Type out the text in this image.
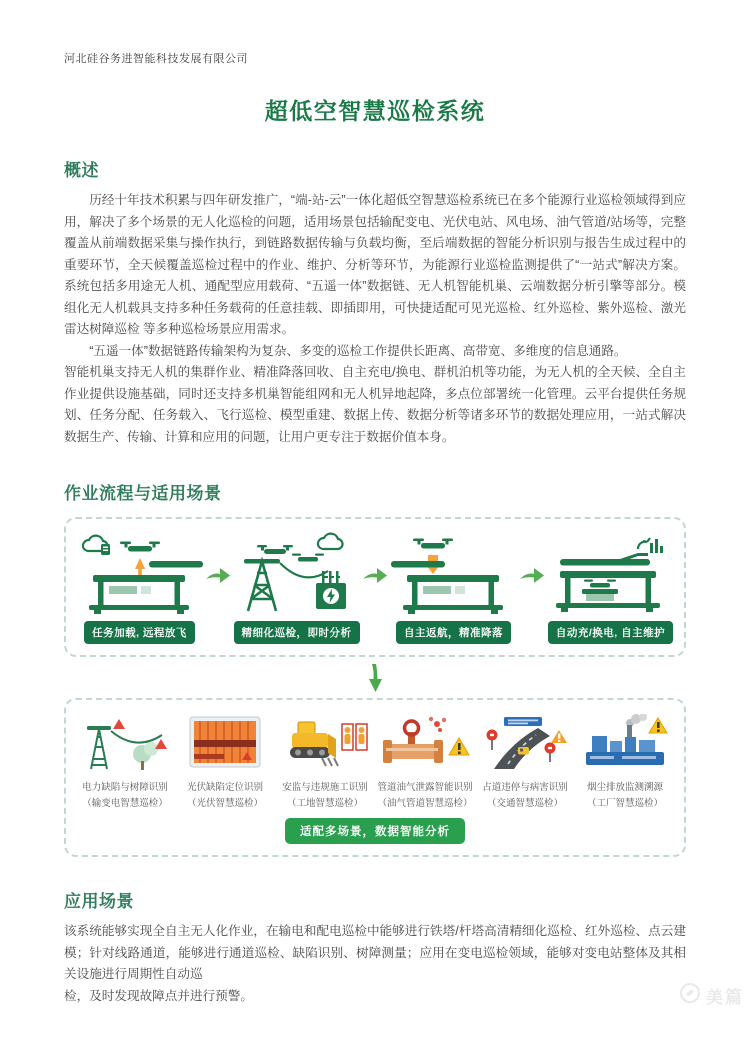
河北硅谷务进智能科技发展有限公司
超低空智慧巡检系统
概述

历经十年技术积累与四年研发推广，“端-站-云”一体化超低空智慧巡检系统已在多个能源行业巡检领域得到应用，解决了多个场景的无人化巡检的问题，适用场景包括输配变电、光伏电站、风电场、油气管道/站场等，完整覆盖从前端数据采集与操作执行，到链路数据传输与负载均衡，至后端数据的智能分析识别与报告生成过程中的重要环节，全天候覆盖巡检过程中的作业、维护、分析等环节，为能源行业巡检监测提供了“一站式”解决方案。系统包括多用途无人机、通配型应用载荷、“五遥一体”数据链、无人机智能机巢、云端数据分析引擎等部分。模组化无人机载具支持多种任务载荷的任意挂载、即插即用，可快捷适配可见光巡检、红外巡检、紫外巡检、激光雷达树障巡检 等多种巡检场景应用需求。

“五遥一体”数据链路传输架构为复杂、多变的巡检工作提供长距离、高带宽、多维度的信息通路。

智能机巢支持无人机的集群作业、精准降落回收、自主充电/换电、群机泊机等功能，为无人机的全天候、全自主作业提供设施基础，同时还支持多机巢智能组网和无人机异地起降，多点位部署统一化管理。云平台提供任务规划、任务分配、任务载入、飞行巡检、模型重建、数据上传、数据分析等诸多环节的数据处理应用，一站式解决数据生产、传输、计算和应用的问题，让用户更专注于数据价值本身。

作业流程与适用场景
任务加载, 远程放飞	精细化巡检，即时分析	自主返航，精准降落	自动充/换电, 自主维护
电力缺陷与树障识别
（输变电智慧巡检）
光伏缺陷定位识别
（光伏智慧巡检）
安监与违规施工识别
（工地智慧巡检）
管道油气泄露智能识别
（油气管道智慧巡检）
占道违停与病害识别
（交通智慧巡检）
烟尘排放监测溯源
（工厂智慧巡检）
适配多场景，数据智能分析
应用场景

该系统能够实现全自主无人化作业，在输电和配电巡检中能够进行铁塔/杆塔高清精细化巡检、红外巡检、点云建模；针对线路通道，能够进行通道巡检、缺陷识别、树障测量；应用在变电巡检领域，能够对变电站整体及其相关设施进行周期性自动巡

检，及时发现故障点并进行预警。	美篇
